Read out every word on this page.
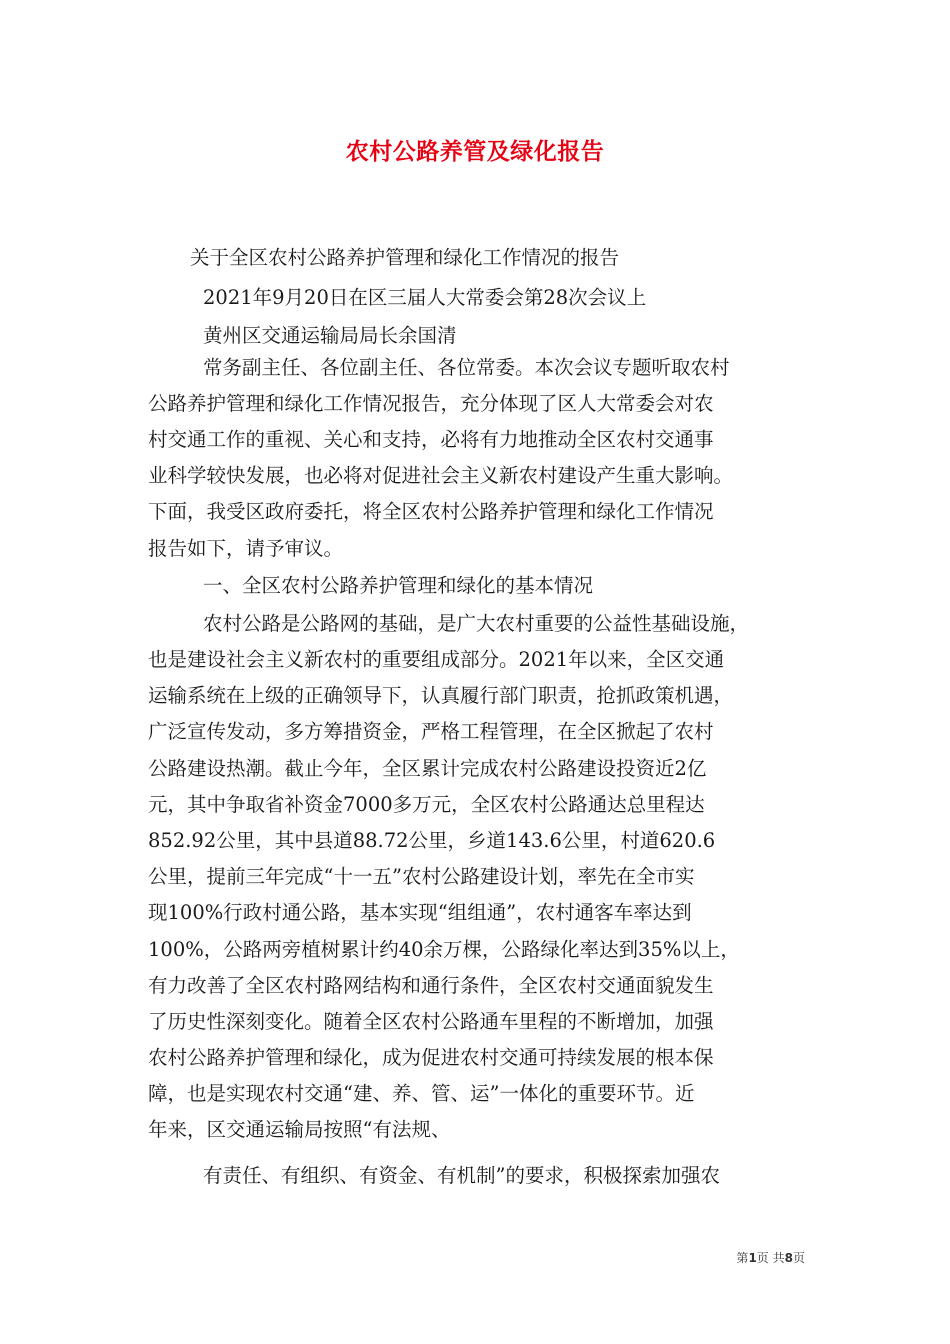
农村公路养管及绿化报告

关于全区农村公路养护管理和绿化工作情况的报告

2021年9月20日在区三届人大常委会第28次会议上

黄州区交通运输局局长余国清

常务副主任、各位副主任、各位常委。本次会议专题听取农村

公路养护管理和绿化工作情况报告，充分体现了区人大常委会对农

村交通工作的重视、关心和支持，必将有力地推动全区农村交通事

业科学较快发展，也必将对促进社会主义新农村建设产生重大影响。

下面，我受区政府委托，将全区农村公路养护管理和绿化工作情况

报告如下，请予审议。

一、全区农村公路养护管理和绿化的基本情况

农村公路是公路网的基础，是广大农村重要的公益性基础设施，

也是建设社会主义新农村的重要组成部分。2021年以来，全区交通

运输系统在上级的正确领导下，认真履行部门职责，抢抓政策机遇，

广泛宣传发动，多方筹措资金，严格工程管理，在全区掀起了农村

公路建设热潮。截止今年，全区累计完成农村公路建设投资近2亿

元，其中争取省补资金7000多万元，全区农村公路通达总里程达

852.92公里，其中县道88.72公里，乡道143.6公里，村道620.6

公里，提前三年完成“十一五”农村公路建设计划，率先在全市实

现100%行政村通公路，基本实现“组组通”，农村通客车率达到

100%，公路两旁植树累计约40余万棵，公路绿化率达到35%以上，

有力改善了全区农村路网结构和通行条件，全区农村交通面貌发生

了历史性深刻变化。随着全区农村公路通车里程的不断增加，加强

农村公路养护管理和绿化，成为促进农村交通可持续发展的根本保

障，也是实现农村交通“建、养、管、运”一体化的重要环节。近

年来，区交通运输局按照“有法规、

有责任、有组织、有资金、有机制”的要求，积极探索加强农

第1页 共8页
